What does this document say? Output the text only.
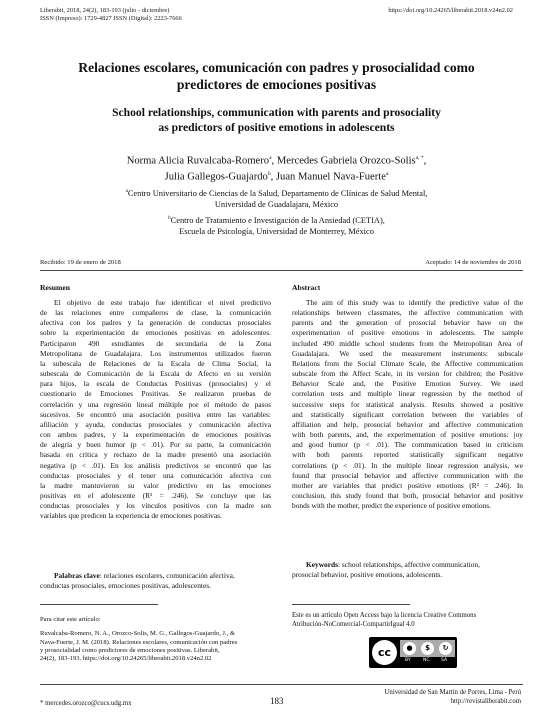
Liberabit, 2018, 24(2), 183-193 (julio - diciembre)
ISSN (Impreso): 1729-4827 ISSN (Digital): 2223-7666
https://doi.org/10.24265/liberabit.2018.v24n2.02
Relaciones escolares, comunicación con padres y prosocialidad como
predictores de emociones positivas
School relationships, communication with parents and prosociality
as predictors of positive emotions in adolescents
Norma Alicia Ruvalcaba-Romero$^a$, Mercedes Gabriela Orozco-Solis$^{a, *}$,
Julia Gallegos-Guajardo$^b$, Juan Manuel Nava-Fuerte$^a$
$^a$Centro Universitario de Ciencias de la Salud, Departamento de Clínicas de Salud Mental,
Universidad de Guadalajara, México
$^b$Centro de Tratamiento e Investigación de la Ansiedad (CETIA),
Escuela de Psicología, Universidad de Monterrey, México
Recibido: 19 de enero de 2018	Aceptado: 14 de noviembre de 2018
Resumen
El objetivo de este trabajo fue identificar el nivel predictivo
de las relaciones entre compañeros de clase, la comunicación
afectiva con los padres y la generación de conductas prosociales
sobre la experimentación de emociones positivas en adolescentes.
Participaron 490 estudiantes de secundaria de la Zona
Metropolitana de Guadalajara. Los instrumentos utilizados fueron
la subescala de Relaciones de la Escala de Clima Social, la
subescala de Comunicación de la Escala de Afecto en su versión
para hijos, la escala de Conductas Positivas (prosociales) y el
cuestionario de Emociones Positivas. Se realizaron pruebas de
correlación y una regresión lineal múltiple por el método de pasos
sucesivos. Se encontró una asociación positiva entre las variables:
afiliación y ayuda, conductas prosociales y comunicación afectiva
con ambos padres, y la experimentación de emociones positivas
de alegría y buen humor (p < .01). Por su parte, la comunicación
basada en crítica y rechazo de la madre presentó una asociación
negativa (p < .01). En los análisis predictivos se encontró que las
conductas prosociales y el tener una comunicación afectiva con
la madre mantuvieron su valor predictivo en las emociones
positivas en el adolescente (R² = .246). Se concluye que las
conductas prosociales y los vínculos positivos con la madre son
variables que predicen la experiencia de emociones positivas.
Palabras clave: relaciones escolares, comunicación afectiva,
conductas prosociales, emociones positivas, adolescentes.
Abstract
The aim of this study was to identify the predictive value of the
relationships between classmates, the affective communication with
parents and the generation of prosocial behavior have on the
experimentation of positive emotions in adolescents. The sample
included 490 middle school students from the Metropolitan Area of
Guadalajara. We used the measurement instruments: subscale
Relations from the Social Climate Scale, the Affective communication
subscale from the Affect Scale, in its version for children; the Positive
Behavior Scale and, the Positive Emotion Survey. We used
correlation tests and multiple linear regression by the method of
successive steps for statistical analysis. Results showed a positive
and statistically significant correlation between the variables of
affiliation and help, prosocial behavior and affective communication
with both parents, and, the experimentation of positive emotions: joy
and good humor (p < .01). The communication based in criticism
with both parents reported statistically significant negative
correlations (p < .01). In the multiple linear regression analysis, we
found that prosocial behavior and affective communication with the
mother are variables that predict positive emotions (R² = .246). In
conclusion, this study found that both, prosocial behavior and positive
bonds with the mother, predict the experience of positive emotions.
Keywords: school relationships, affective communication,
prosocial behavior, positive emotions, adolescents.
Para citar este artículo:
Ruvalcaba-Romero, N. A., Orozco-Solis, M. G., Gallegos-Guajardo, J., &
Nava-Fuerte, J. M. (2018). Relaciones escolares, comunicación con padres
y prosocialidad como predictores de emociones positivas. Liberabit,
24(2), 183-193. https://doi.org/10.24265/liberabit.2018.v24n2.02
Este es un artículo Open Access bajo la licencia Creative Commons
Atribución-NoComercial-CompartirIgual 4.0
cc	●	$	↻
BY	NC SA
* mercedes.orozco@cucs.udg.mx	183
Universidad de San Martín de Porres, Lima - Perú
http://revistaliberabit.com
